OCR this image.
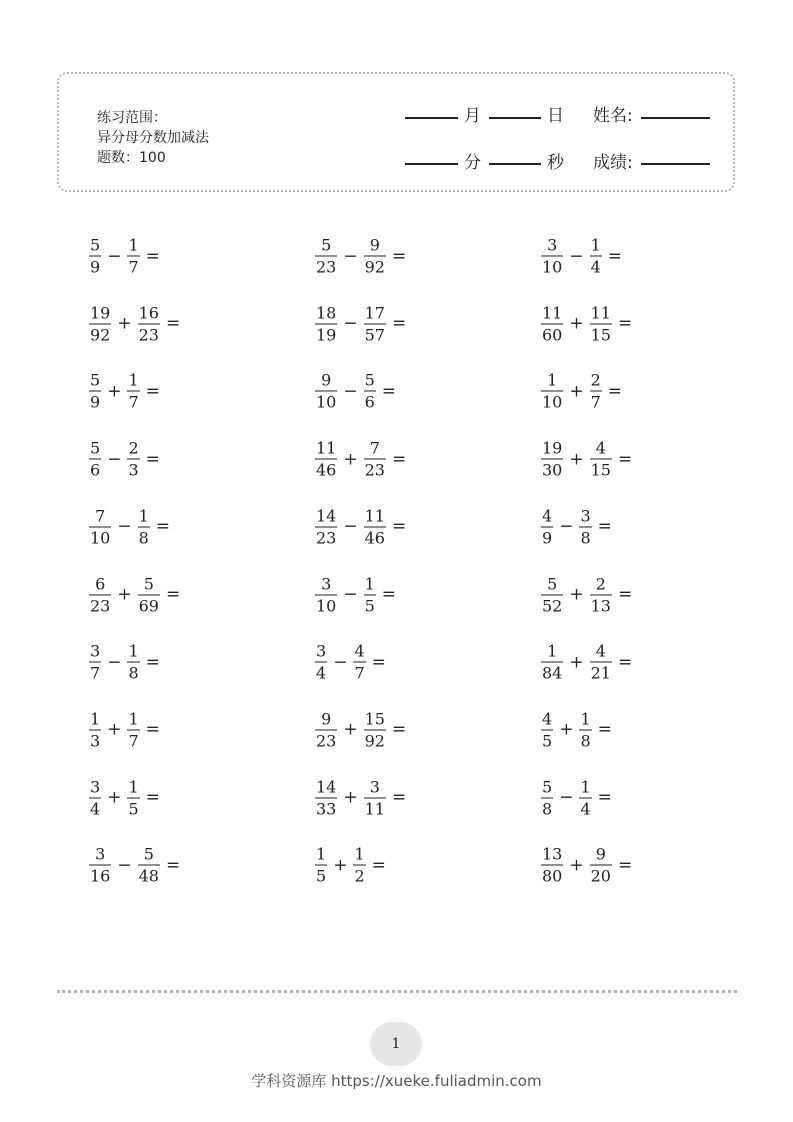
练习范围：
异分母分数加减法
题数：100
月	日 姓名:
分	秒 成绩:
$\frac{5}{9} - \frac{1}{7}$ =	$\frac{5}{23} - \frac{9}{92}$ =	$\frac{3}{10} - \frac{1}{4}$ =
$\frac{19}{92} + \frac{16}{23}$ =	$\frac{18}{19} - \frac{17}{57}$ =	$\frac{11}{60} + \frac{11}{15}$ =
$\frac{5}{9} + \frac{1}{7}$ =	$\frac{9}{10} - \frac{5}{6}$ =	$\frac{1}{10} + \frac{2}{7}$ =
$\frac{5}{6} - \frac{2}{3}$ =	$\frac{11}{46} + \frac{7}{23}$ =	$\frac{19}{30} + \frac{4}{15}$ =
$\frac{7}{10} - \frac{1}{8}$ =	$\frac{14}{23} - \frac{11}{46}$ =	$\frac{4}{9} - \frac{3}{8}$ =
$\frac{6}{23} + \frac{5}{69}$ =	$\frac{3}{10} - \frac{1}{5}$ =	$\frac{5}{52} + \frac{2}{13}$ =
$\frac{3}{7} - \frac{1}{8}$ =	$\frac{3}{4} - \frac{4}{7}$ =	$\frac{1}{84} + \frac{4}{21}$ =
$\frac{1}{3} + \frac{1}{7}$ =	$\frac{9}{23} + \frac{15}{92}$ =	$\frac{4}{5} + \frac{1}{8}$ =
$\frac{3}{4} + \frac{1}{5}$ =	$\frac{14}{33} + \frac{3}{11}$ =	$\frac{5}{8} - \frac{1}{4}$ =
$\frac{3}{16} - \frac{5}{48}$ =	$\frac{1}{5} + \frac{1}{2}$ =	$\frac{13}{80} + \frac{9}{20}$ =
1
学科资源库 https://xueke.fuliadmin.com
